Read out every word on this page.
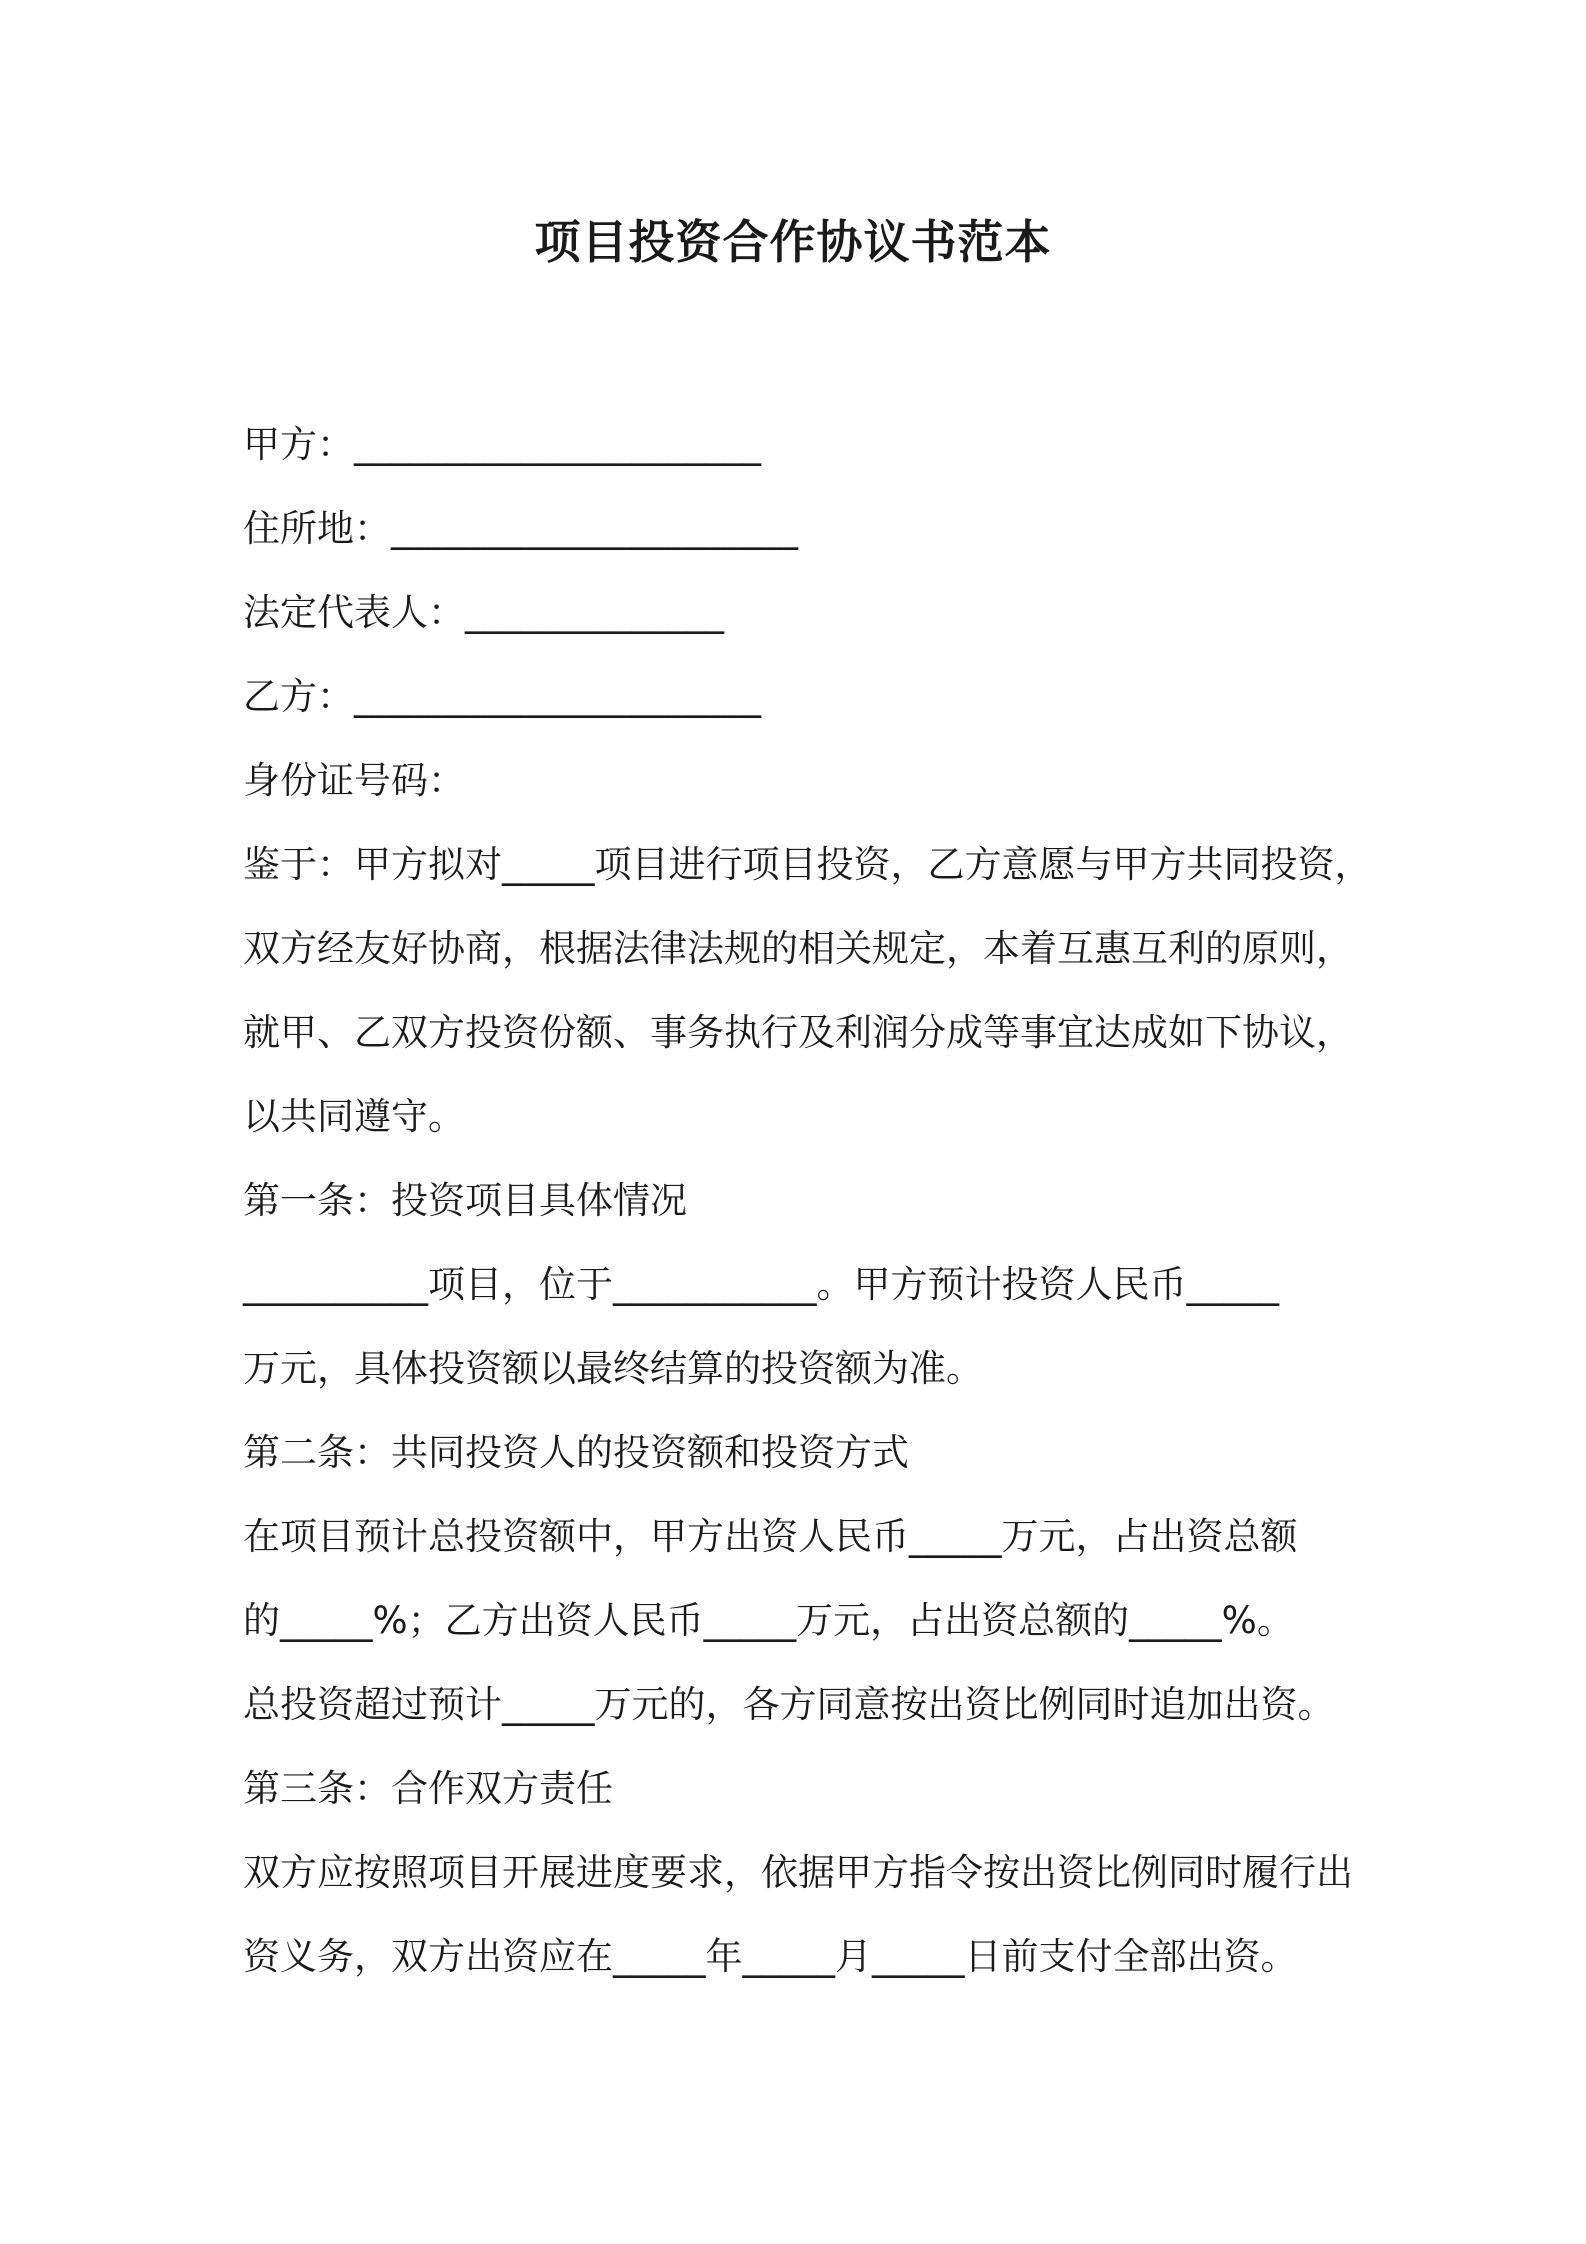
项目投资合作协议书范本
甲方：______________________
住所地：______________________
法定代表人：______________
乙方：______________________
身份证号码：
鉴于：甲方拟对_____项目进行项目投资，乙方意愿与甲方共同投资，
双方经友好协商，根据法律法规的相关规定，本着互惠互利的原则，
就甲、乙双方投资份额、事务执行及利润分成等事宜达成如下协议，
以共同遵守。
第一条：投资项目具体情况
__________项目，位于___________。甲方预计投资人民币_____
万元，具体投资额以最终结算的投资额为准。
第二条：共同投资人的投资额和投资方式
在项目预计总投资额中，甲方出资人民币_____万元，占出资总额
的_____%；乙方出资人民币_____万元，占出资总额的_____%。
总投资超过预计_____万元的，各方同意按出资比例同时追加出资。
第三条：合作双方责任
双方应按照项目开展进度要求，依据甲方指令按出资比例同时履行出
资义务，双方出资应在_____年_____月_____日前支付全部出资。
